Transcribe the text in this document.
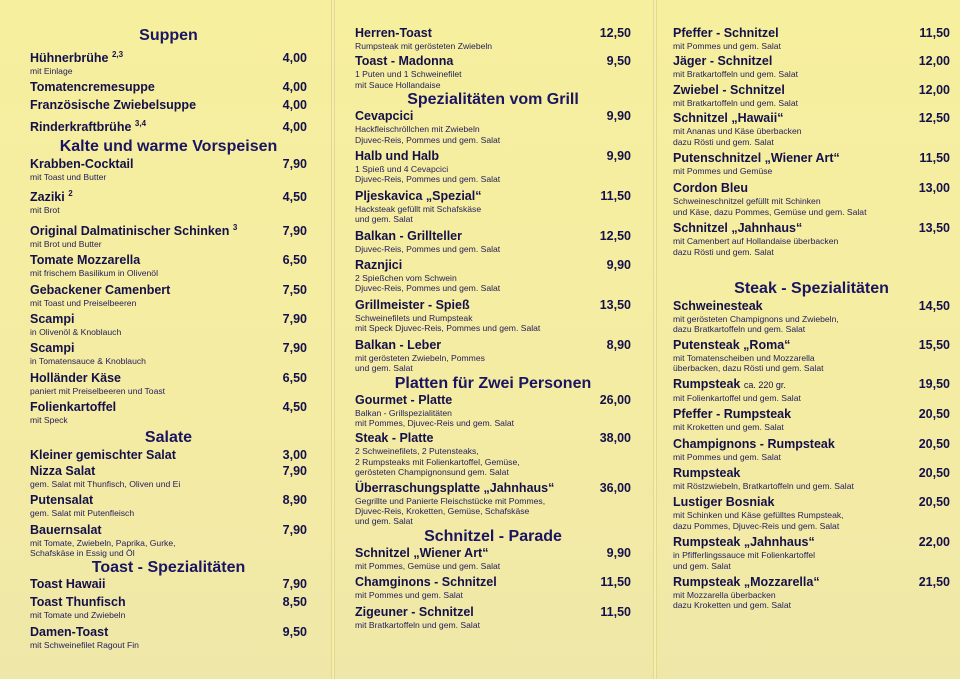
Suppen
Hühnerbrühe $^{2,3}$	4,00
mit Einlage
Tomatencremesuppe	4,00
Französische Zwiebelsuppe	4,00
Rinderkraftbrühe $^{3,4}$	4,00
Kalte und warme Vorspeisen
Krabben-Cocktail	7,90
mit Toast und Butter
Zaziki $^2$	4,50
mit Brot
Original Dalmatinischer Schinken $^3$	7,90
mit Brot und Butter
Tomate Mozzarella	6,50
mit frischem Basilikum in Olivenöl
Gebackener Camenbert	7,50
mit Toast und Preiselbeeren
Scampi	7,90
in Olivenöl & Knoblauch
Scampi	7,90
in Tomatensauce & Knoblauch
Holländer Käse	6,50
paniert mit Preiselbeeren und Toast
Folienkartoffel	4,50
mit Speck
Salate
Kleiner gemischter Salat	3,00
Nizza Salat	7,90
gem. Salat mit Thunfisch, Oliven und Ei
Putensalat	8,90
gem. Salat mit Putenfleisch
Bauernsalat	7,90
mit Tomate, Zwiebeln, Paprika, Gurke,
Schafskäse in Essig und Öl
Toast - Spezialitäten
Toast Hawaii	7,90
Toast Thunfisch	8,50
mit Tomate und Zwiebeln
Damen-Toast	9,50
mit Schweinefilet Ragout Fin
Herren-Toast	12,50
Rumpsteak mit gerösteten Zwiebeln
Toast - Madonna	9,50
1 Puten und 1 Schweinefilet
mit Sauce Hollandaise
Spezialitäten vom Grill
Cevapcici	9,90
Hackfleischröllchen mit Zwiebeln
Djuvec-Reis, Pommes und gem. Salat
Halb und Halb	9,90
1 Spieß und 4 Cevapcici
Djuvec-Reis, Pommes und gem. Salat
Pljeskavica „Spezial“	11,50
Hacksteak gefüllt mit Schafskäse
und gem. Salat
Balkan - Grillteller	12,50
Djuvec-Reis, Pommes und gem. Salat
Raznjici	9,90
2 Spießchen vom Schwein
Djuvec-Reis, Pommes und gem. Salat
Grillmeister - Spieß	13,50
Schweinefilets und Rumpsteak
mit Speck Djuvec-Reis, Pommes und gem. Salat
Balkan - Leber	8,90
mit gerösteten Zwiebeln, Pommes
und gem. Salat
Platten für Zwei Personen
Gourmet - Platte	26,00
Balkan - Grillspezialitäten
mit Pommes, Djuvec-Reis und gem. Salat
Steak - Platte	38,00
2 Schweinefilets, 2 Putensteaks,
2 Rumpsteaks mit Folienkartoffel, Gemüse,
gerösteten Champignonsund gem. Salat
Überraschungsplatte „Jahnhaus“	36,00
Gegrillte und Panierte Fleischstücke mit Pommes,
Djuvec-Reis, Kroketten, Gemüse, Schafskäse
und gem. Salat
Schnitzel - Parade
Schnitzel „Wiener Art“	9,90
mit Pommes, Gemüse und gem. Salat
Chamginons - Schnitzel	11,50
mit Pommes und gem. Salat
Zigeuner - Schnitzel	11,50
mit Bratkartoffeln und gem. Salat
Pfeffer - Schnitzel	11,50
mit Pommes und gem. Salat
Jäger - Schnitzel	12,00
mit Bratkartoffeln und gem. Salat
Zwiebel - Schnitzel	12,00
mit Bratkartoffeln und gem. Salat
Schnitzel „Hawaii“	12,50
mit Ananas und Käse überbacken
dazu Rösti und gem. Salat
Putenschnitzel „Wiener Art“	11,50
mit Pommes und Gemüse
Cordon Bleu	13,00
Schweineschnitzel gefüllt mit Schinken
und Käse, dazu Pommes, Gemüse und gem. Salat
Schnitzel „Jahnhaus“	13,50
mit Camenbert auf Hollandaise überbacken
dazu Rösti und gem. Salat
Steak - Spezialitäten
Schweinesteak	14,50
mit gerösteten Champignons und Zwiebeln,
dazu Bratkartoffeln und gem. Salat
Putensteak „Roma“	15,50
mit Tomatenscheiben und Mozzarella
überbacken, dazu Rösti und gem. Salat
Rumpsteak ca. 220 gr.	19,50
mit Folienkartoffel und gem. Salat
Pfeffer - Rumpsteak	20,50
mit Kroketten und gem. Salat
Champignons - Rumpsteak	20,50
mit Pommes und gem. Salat
Rumpsteak	20,50
mit Röstzwiebeln, Bratkartoffeln und gem. Salat
Lustiger Bosniak	20,50
mit Schinken und Käse gefülltes Rumpsteak,
dazu Pommes, Djuvec-Reis und gem. Salat
Rumpsteak „Jahnhaus“	22,00
in Pfifferlingssauce mit Folienkartoffel
und gem. Salat
Rumpsteak „Mozzarella“	21,50
mit Mozzarella überbacken
dazu Kroketten und gem. Salat
